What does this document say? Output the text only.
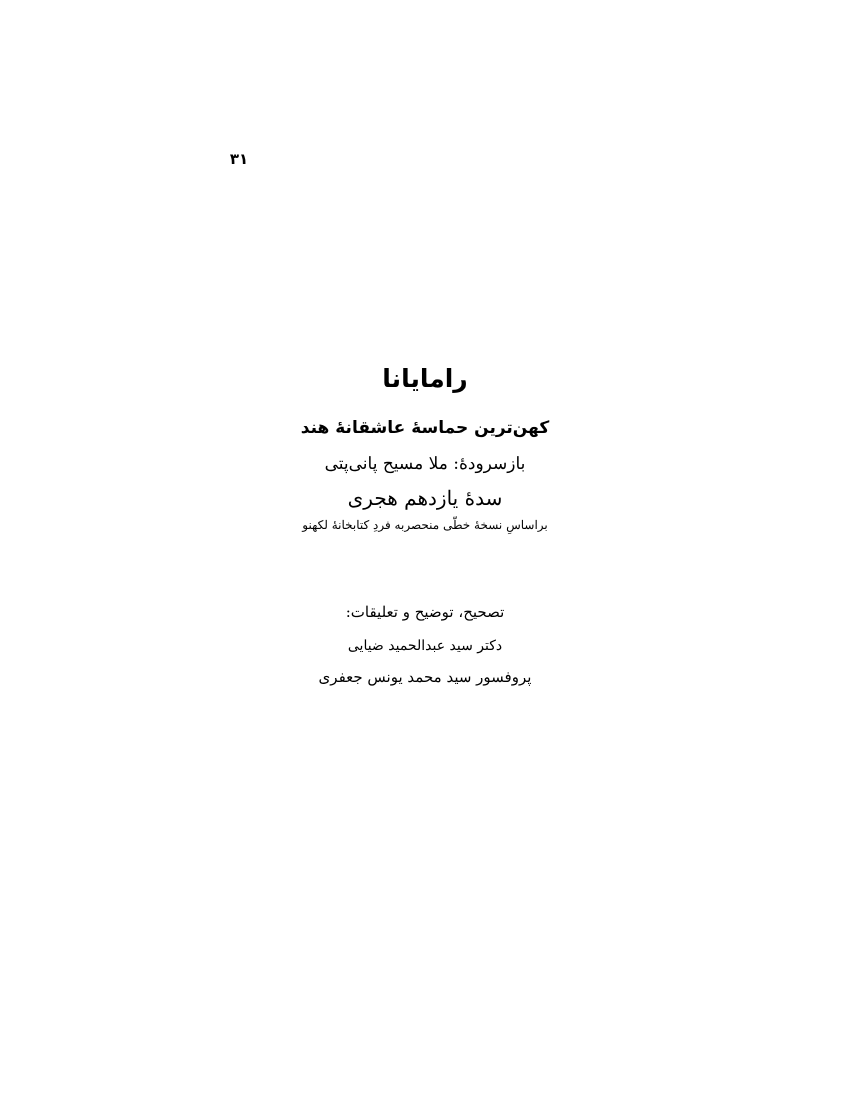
۳۱
رامایانا
کهن‌ترین حماسهٔ عاشقانهٔ هند
بازسرودهٔ: ملا مسیح پانی‌پتی
سدهٔ یازدهم هجری
براساسِ نسخهٔ خطّی منحصربه فردِ کتابخانهٔ لکهنو
تصحیح، توضیح و تعلیقات:
دکتر سید عبدالحمید ضیایی
پروفسور سید محمد یونس جعفری
